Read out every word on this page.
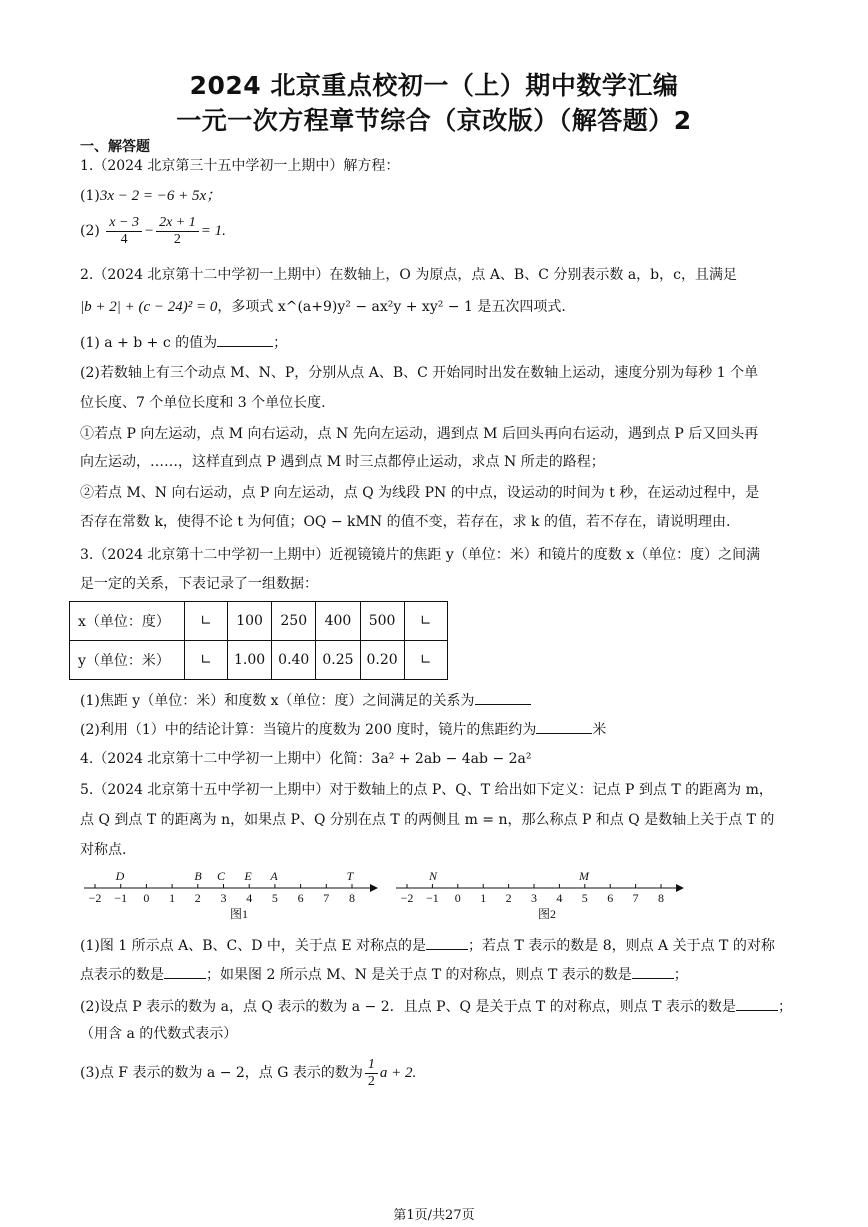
2024 北京重点校初一（上）期中数学汇编
一元一次方程章节综合（京改版）（解答题）2
一、解答题
1.（2024 北京第三十五中学初一上期中）解方程：
(1)3x − 2 = −6 + 5x；
$(2) \frac{x - 3}{4} - \frac{2x + 1}{2} = 1$.
2.（2024 北京第十二中学初一上期中）在数轴上，O 为原点，点 A、B、C 分别表示数 a，b，c，且满足
|b + 2| + (c − 24)² = 0，多项式 x^(a+9)y² − ax²y + xy² − 1 是五次四项式.
(1) a + b + c 的值为	；
(2)若数轴上有三个动点 M、N、P，分别从点 A、B、C 开始同时出发在数轴上运动，速度分别为每秒 1 个单
位长度、7 个单位长度和 3 个单位长度.
①若点 P 向左运动，点 M 向右运动，点 N 先向左运动，遇到点 M 后回头再向右运动，遇到点 P 后又回头再
向左运动，……，这样直到点 P 遇到点 M 时三点都停止运动，求点 N 所走的路程；
②若点 M、N 向右运动，点 P 向左运动，点 Q 为线段 PN 的中点，设运动的时间为 t 秒，在运动过程中，是
否存在常数 k，使得不论 t 为何值；OQ − kMN 的值不变，若存在，求 k 的值，若不存在，请说明理由.
3.（2024 北京第十二中学初一上期中）近视镜镜片的焦距 y（单位：米）和镜片的度数 x（单位：度）之间满
足一定的关系，下表记录了一组数据：
x（单位：度）	∟	100	250	400	500	∟
y（单位：米）	∟	1.00	0.40	0.25	0.20	∟
(1)焦距 y（单位：米）和度数 x（单位：度）之间满足的关系为
(2)利用（1）中的结论计算：当镜片的度数为 200 度时，镜片的焦距约为	米
4.（2024 北京第十二中学初一上期中）化简：3a² + 2ab − 4ab − 2a²
5.（2024 北京第十五中学初一上期中）对于数轴上的点 P、Q、T 给出如下定义：记点 P 到点 T 的距离为 m，
点 Q 到点 T 的距离为 n，如果点 P、Q 分别在点 T 的两侧且 m = n，那么称点 P 和点 Q 是数轴上关于点 T 的
对称点.
−2 −1 0 1 2 3 4 5 6 7 8
D	B C E A	T
图1
−2 −1 0 1 2 3 4 5 6 7 8
N	M
图2
(1)图 1 所示点 A、B、C、D 中，关于点 E 对称点的是	；若点 T 表示的数是 8，则点 A 关于点 T 的对称
点表示的数是	；如果图 2 所示点 M、N 是关于点 T 的对称点，则点 T 表示的数是	；
(2)设点 P 表示的数为 a，点 Q 表示的数为 a − 2．且点 P、Q 是关于点 T 的对称点，则点 T 表示的数是	；
（用含 a 的代数式表示）
(3)点 F 表示的数为 a − 2，点 G 表示的数为 $\frac{1}{2}$ a + 2.
第1页/共27页
